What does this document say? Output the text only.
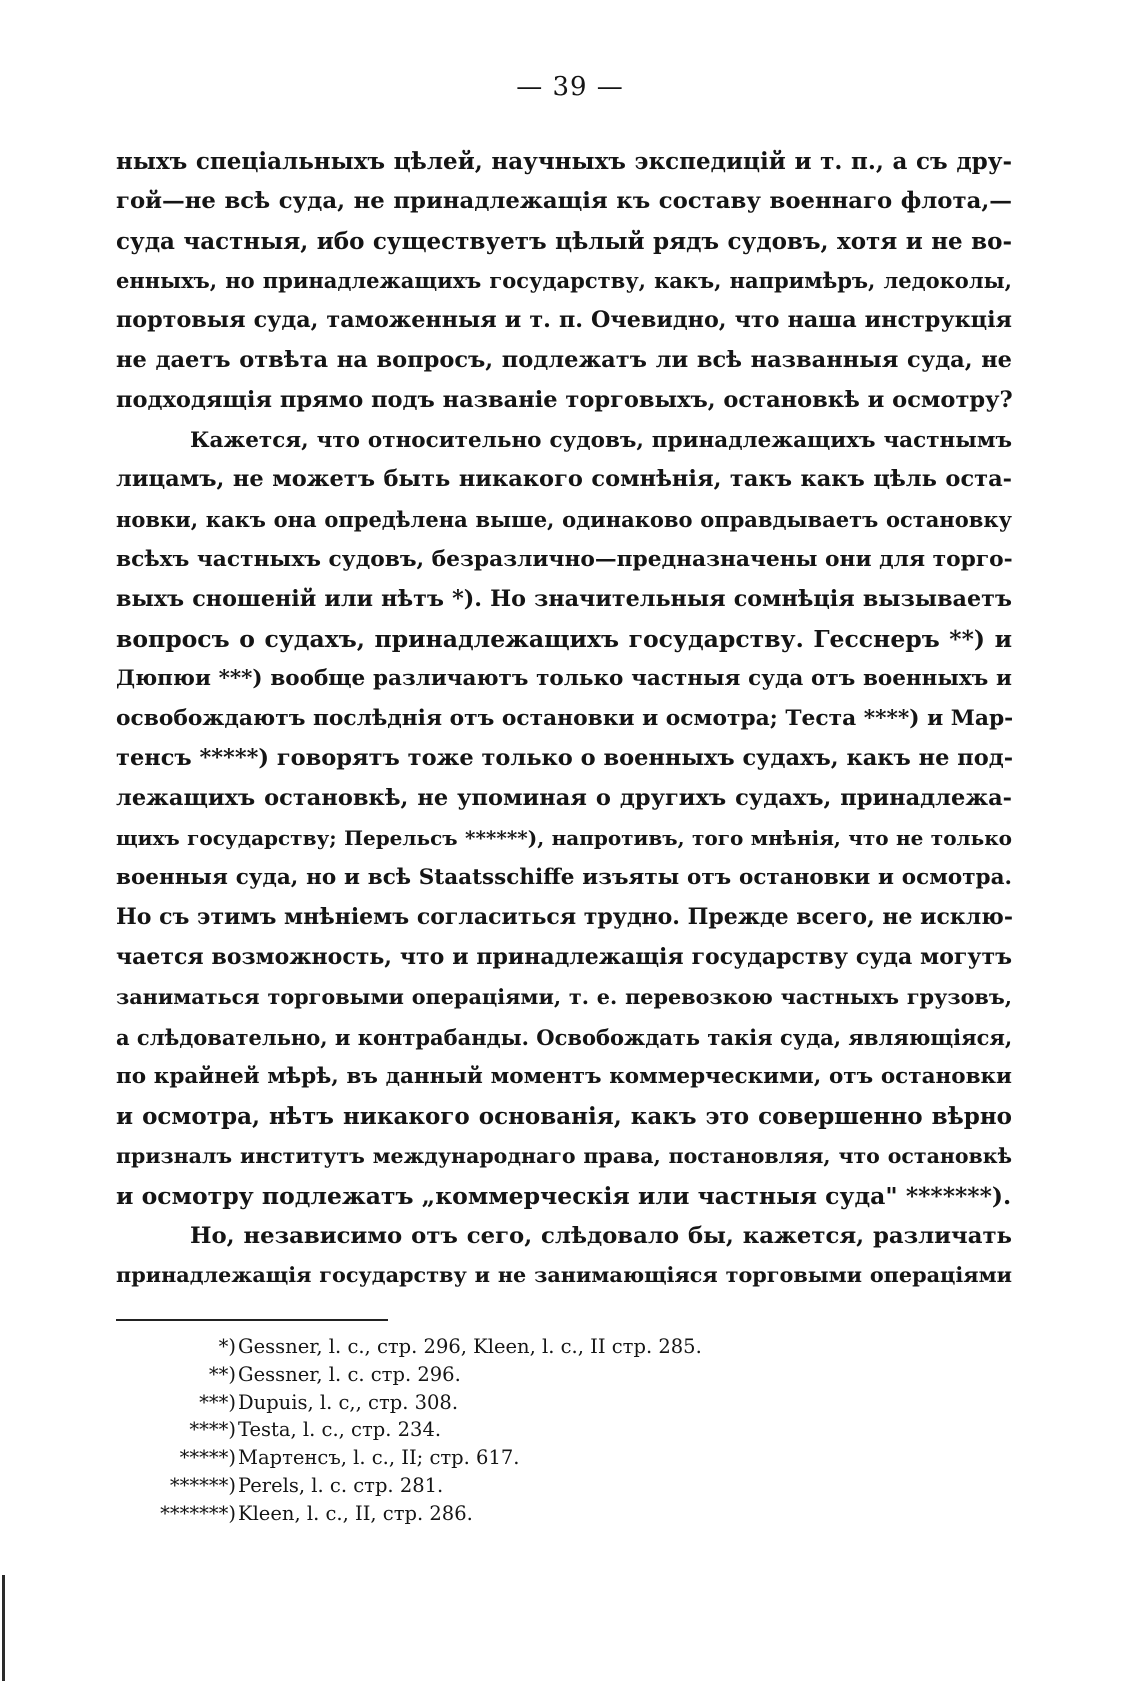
— 39 —
ныхъ спеціальныхъ цѣлей, научныхъ экспедицій и т. п., а съ дру-
гой—не всѣ суда, не принадлежащія къ составу военнаго флота,—
суда частныя, ибо существуетъ цѣлый рядъ судовъ, хотя и не во-
енныхъ, но принадлежащихъ государству, какъ, напримѣръ, ледоколы,
портовыя суда, таможенныя и т. п. Очевидно, что наша инструкція
не даетъ отвѣта на вопросъ, подлежатъ ли всѣ названныя суда, не
подходящія прямо подъ названіе торговыхъ, остановкѣ и осмотру?
Кажется, что относительно судовъ, принадлежащихъ частнымъ
лицамъ, не можетъ быть никакого сомнѣнія, такъ какъ цѣль оста-
новки, какъ она опредѣлена выше, одинаково оправдываетъ остановку
всѣхъ частныхъ судовъ, безразлично—предназначены они для торго-
выхъ сношеній или нѣтъ *). Но значительныя сомнѣція вызываетъ
вопросъ о судахъ, принадлежащихъ государству. Гесснеръ **) и
Дюпюи ***) вообще различаютъ только частныя суда отъ военныхъ и
освобождаютъ послѣднія отъ остановки и осмотра; Теста ****) и Мар-
тенсъ *****) говорятъ тоже только о военныхъ судахъ, какъ не под-
лежащихъ остановкѣ, не упоминая о другихъ судахъ, принадлежа-
щихъ государству; Перельсъ ******), напротивъ, того мнѣнія, что не только
военныя суда, но и всѣ Staatsschiffe изъяты отъ остановки и осмотра.
Но съ этимъ мнѣніемъ согласиться трудно. Прежде всего, не исклю-
чается возможность, что и принадлежащія государству суда могутъ
заниматься торговыми операціями, т. е. перевозкою частныхъ грузовъ,
а слѣдовательно, и контрабанды. Освобождать такія суда, являющіяся,
по крайней мѣрѣ, въ данный моментъ коммерческими, отъ остановки
и осмотра, нѣтъ никакого основанія, какъ это совершенно вѣрно
призналъ институтъ международнаго права, постановляя, что остановкѣ
и осмотру подлежатъ „коммерческія или частныя суда" *******).
Но, независимо отъ сего, слѣдовало бы, кажется, различать
принадлежащія государству и не занимающіяся торговыми операціями
*) Gessner, l. c., стр. 296, Kleen, l. c., II стр. 285.
**) Gessner, l. c. стр. 296.
***) Dupuis, l. c,, стр. 308.
****) Testa, l. c., стр. 234.
*****) Мартенсъ, l. c., II; стр. 617.
******) Perels, l. c. стр. 281.
*******) Kleen, l. c., II, стр. 286.
